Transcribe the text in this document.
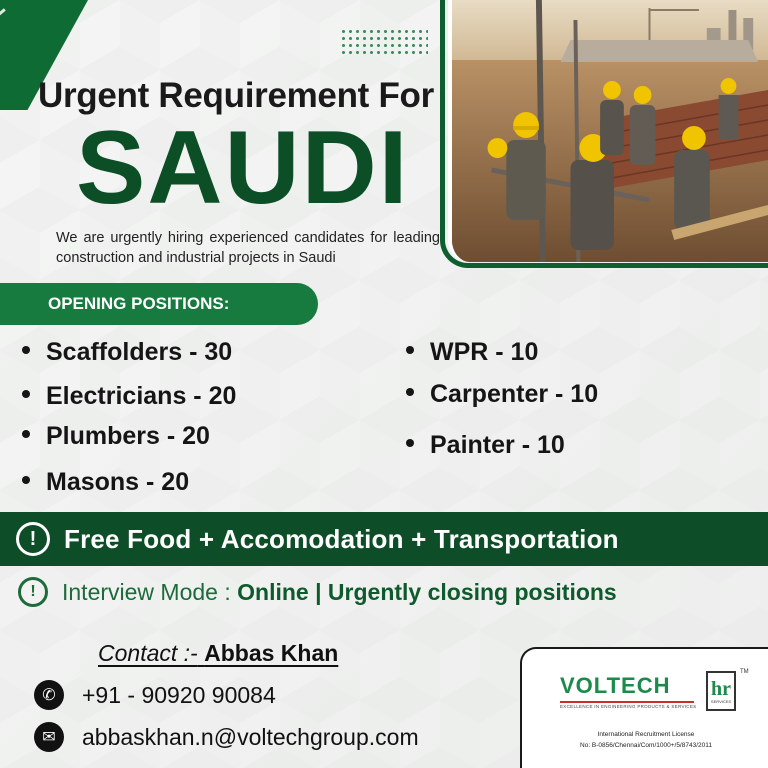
Urgent Requirement For
SAUDI
We are urgently hiring experienced candidates for leading construction and industrial projects in Saudi
OPENING POSITIONS:
Scaffolders - 30
Electricians - 20
Plumbers - 20
Masons - 20
WPR - 10
Carpenter - 10
Painter - 10
!	Free Food + Accomodation + Transportation
!	Interview Mode : Online | Urgently closing positions
Contact :- Abbas Khan
✆	+91 - 90920 90084
✉	abbaskhan.n@voltechgroup.com
VOLTECH
EXCELLENCE IN ENGINEERING PRODUCTS & SERVICES
hr
SERVICES
TM
International Recruitment License
No: B-0856/Chennai/Com/1000+/5/8743/2011
